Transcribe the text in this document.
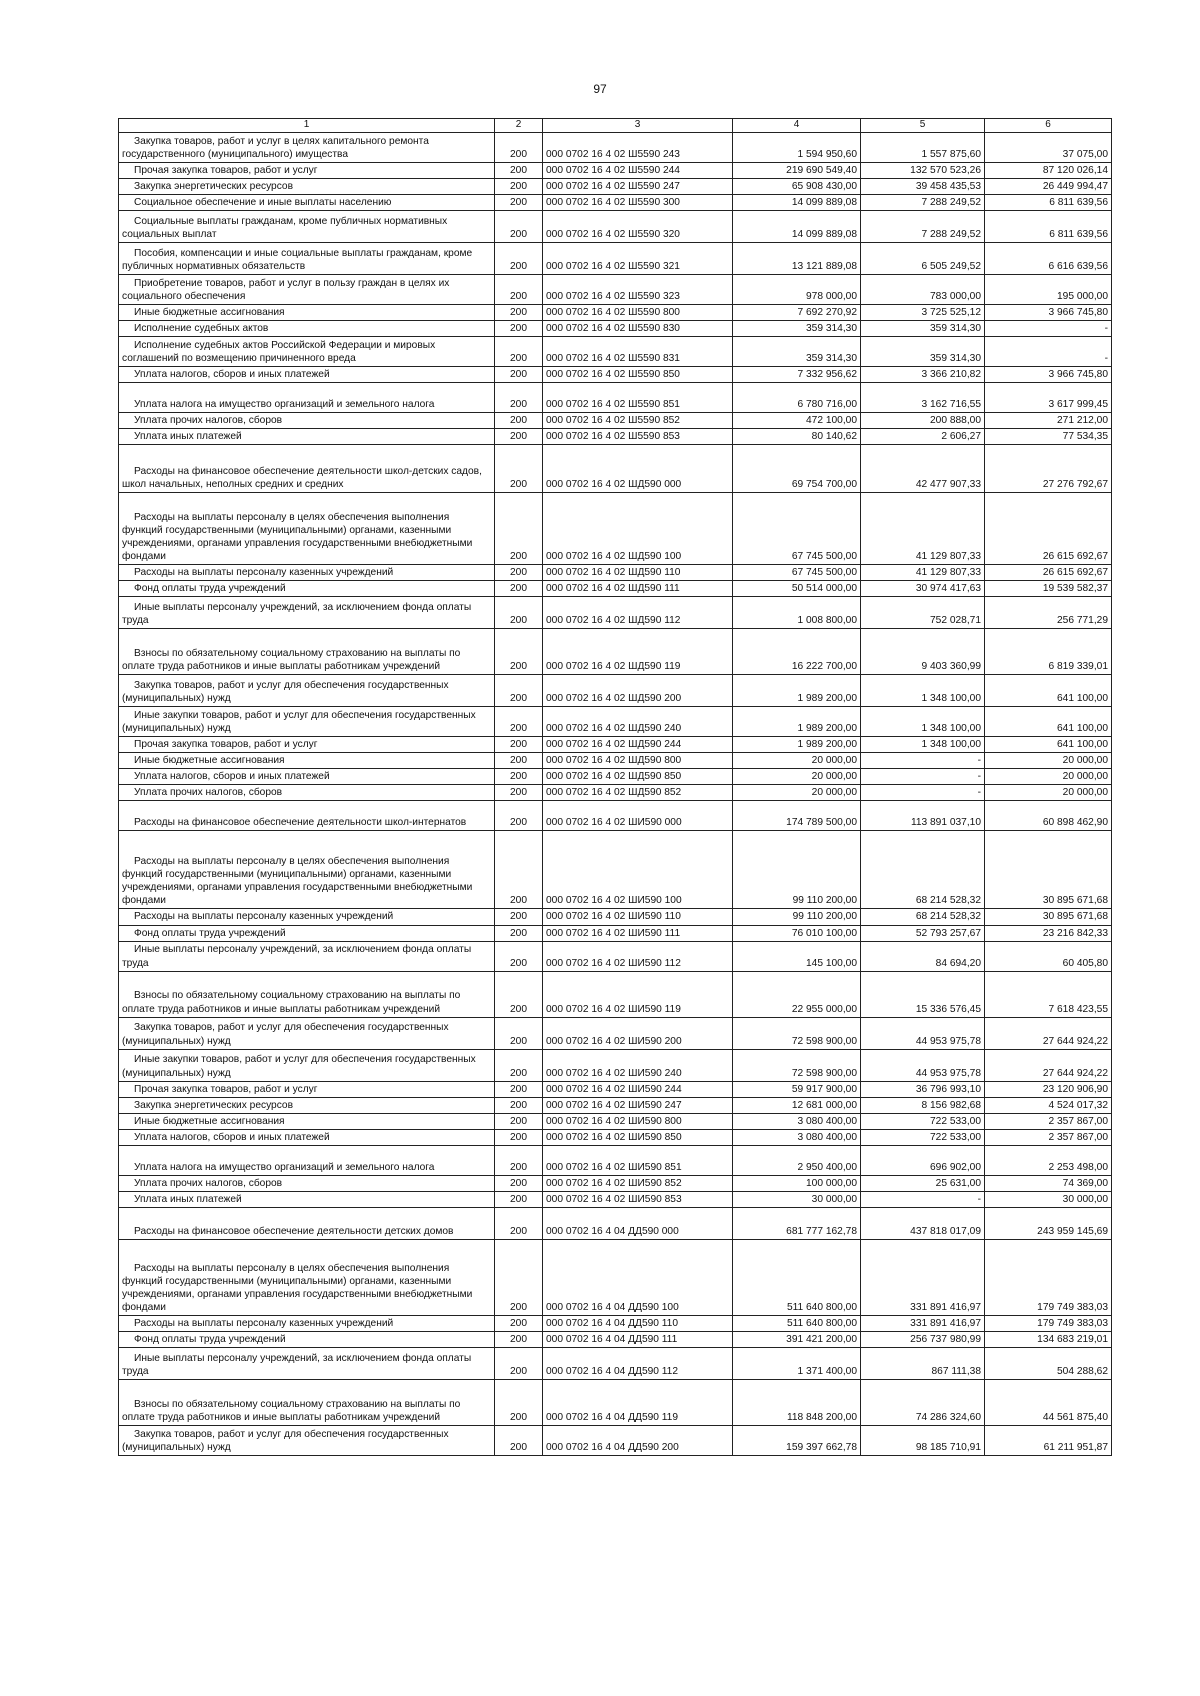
97
1	2	3	4	5	6

Закупка товаров, работ и услуг в целях капитального ремонта государственного (муниципального) имущества	200	000 0702 16 4 02 Ш5590 243	1 594 950,60	1 557 875,60	37 075,00

Прочая закупка товаров, работ и услуг	200	000 0702 16 4 02 Ш5590 244	219 690 549,40	132 570 523,26	87 120 026,14

Закупка энергетических ресурсов	200	000 0702 16 4 02 Ш5590 247	65 908 430,00	39 458 435,53	26 449 994,47

Социальное обеспечение и иные выплаты населению	200	000 0702 16 4 02 Ш5590 300	14 099 889,08	7 288 249,52	6 811 639,56

Социальные выплаты гражданам, кроме публичных нормативных социальных выплат	200	000 0702 16 4 02 Ш5590 320	14 099 889,08	7 288 249,52	6 811 639,56

Пособия, компенсации и иные социальные выплаты гражданам, кроме публичных нормативных обязательств	200	000 0702 16 4 02 Ш5590 321	13 121 889,08	6 505 249,52	6 616 639,56

Приобретение товаров, работ и услуг в пользу граждан в целях их социального обеспечения	200	000 0702 16 4 02 Ш5590 323	978 000,00	783 000,00	195 000,00

Иные бюджетные ассигнования	200	000 0702 16 4 02 Ш5590 800	7 692 270,92	3 725 525,12	3 966 745,80

Исполнение судебных актов	200	000 0702 16 4 02 Ш5590 830	359 314,30	359 314,30	-

Исполнение судебных актов Российской Федерации и мировых соглашений по возмещению причиненного вреда	200	000 0702 16 4 02 Ш5590 831	359 314,30	359 314,30	-

Уплата налогов, сборов и иных платежей	200	000 0702 16 4 02 Ш5590 850	7 332 956,62	3 366 210,82	3 966 745,80

Уплата налога на имущество организаций и земельного налога	200	000 0702 16 4 02 Ш5590 851	6 780 716,00	3 162 716,55	3 617 999,45

Уплата прочих налогов, сборов	200	000 0702 16 4 02 Ш5590 852	472 100,00	200 888,00	271 212,00

Уплата иных платежей	200	000 0702 16 4 02 Ш5590 853	80 140,62	2 606,27	77 534,35

Расходы на финансовое обеспечение деятельности школ-детских садов, школ начальных, неполных средних и средних	200	000 0702 16 4 02 ШД590 000	69 754 700,00	42 477 907,33	27 276 792,67

Расходы на выплаты персоналу в целях обеспечения выполнения функций государственными (муниципальными) органами, казенными учреждениями, органами управления государственными внебюджетными фондами	200	000 0702 16 4 02 ШД590 100	67 745 500,00	41 129 807,33	26 615 692,67

Расходы на выплаты персоналу казенных учреждений	200	000 0702 16 4 02 ШД590 110	67 745 500,00	41 129 807,33	26 615 692,67

Фонд оплаты труда учреждений	200	000 0702 16 4 02 ШД590 111	50 514 000,00	30 974 417,63	19 539 582,37

Иные выплаты персоналу учреждений, за исключением фонда оплаты труда	200	000 0702 16 4 02 ШД590 112	1 008 800,00	752 028,71	256 771,29

Взносы по обязательному социальному страхованию на выплаты по оплате труда работников и иные выплаты работникам учреждений	200	000 0702 16 4 02 ШД590 119	16 222 700,00	9 403 360,99	6 819 339,01

Закупка товаров, работ и услуг для обеспечения государственных (муниципальных) нужд	200	000 0702 16 4 02 ШД590 200	1 989 200,00	1 348 100,00	641 100,00

Иные закупки товаров, работ и услуг для обеспечения государственных (муниципальных) нужд	200	000 0702 16 4 02 ШД590 240	1 989 200,00	1 348 100,00	641 100,00

Прочая закупка товаров, работ и услуг	200	000 0702 16 4 02 ШД590 244	1 989 200,00	1 348 100,00	641 100,00

Иные бюджетные ассигнования	200	000 0702 16 4 02 ШД590 800	20 000,00	-	20 000,00

Уплата налогов, сборов и иных платежей	200	000 0702 16 4 02 ШД590 850	20 000,00	-	20 000,00

Уплата прочих налогов, сборов	200	000 0702 16 4 02 ШД590 852	20 000,00	-	20 000,00

Расходы на финансовое обеспечение деятельности школ-интернатов	200	000 0702 16 4 02 ШИ590 000	174 789 500,00	113 891 037,10	60 898 462,90

Расходы на выплаты персоналу в целях обеспечения выполнения функций государственными (муниципальными) органами, казенными учреждениями, органами управления государственными внебюджетными фондами	200	000 0702 16 4 02 ШИ590 100	99 110 200,00	68 214 528,32	30 895 671,68

Расходы на выплаты персоналу казенных учреждений	200	000 0702 16 4 02 ШИ590 110	99 110 200,00	68 214 528,32	30 895 671,68

Фонд оплаты труда учреждений	200	000 0702 16 4 02 ШИ590 111	76 010 100,00	52 793 257,67	23 216 842,33

Иные выплаты персоналу учреждений, за исключением фонда оплаты труда	200	000 0702 16 4 02 ШИ590 112	145 100,00	84 694,20	60 405,80

Взносы по обязательному социальному страхованию на выплаты по оплате труда работников и иные выплаты работникам учреждений	200	000 0702 16 4 02 ШИ590 119	22 955 000,00	15 336 576,45	7 618 423,55

Закупка товаров, работ и услуг для обеспечения государственных (муниципальных) нужд	200	000 0702 16 4 02 ШИ590 200	72 598 900,00	44 953 975,78	27 644 924,22

Иные закупки товаров, работ и услуг для обеспечения государственных (муниципальных) нужд	200	000 0702 16 4 02 ШИ590 240	72 598 900,00	44 953 975,78	27 644 924,22

Прочая закупка товаров, работ и услуг	200	000 0702 16 4 02 ШИ590 244	59 917 900,00	36 796 993,10	23 120 906,90

Закупка энергетических ресурсов	200	000 0702 16 4 02 ШИ590 247	12 681 000,00	8 156 982,68	4 524 017,32

Иные бюджетные ассигнования	200	000 0702 16 4 02 ШИ590 800	3 080 400,00	722 533,00	2 357 867,00

Уплата налогов, сборов и иных платежей	200	000 0702 16 4 02 ШИ590 850	3 080 400,00	722 533,00	2 357 867,00

Уплата налога на имущество организаций и земельного налога	200	000 0702 16 4 02 ШИ590 851	2 950 400,00	696 902,00	2 253 498,00

Уплата прочих налогов, сборов	200	000 0702 16 4 02 ШИ590 852	100 000,00	25 631,00	74 369,00

Уплата иных платежей	200	000 0702 16 4 02 ШИ590 853	30 000,00	-	30 000,00

Расходы на финансовое обеспечение деятельности детских домов	200	000 0702 16 4 04 ДД590 000	681 777 162,78	437 818 017,09	243 959 145,69

Расходы на выплаты персоналу в целях обеспечения выполнения функций государственными (муниципальными) органами, казенными учреждениями, органами управления государственными внебюджетными фондами	200	000 0702 16 4 04 ДД590 100	511 640 800,00	331 891 416,97	179 749 383,03

Расходы на выплаты персоналу казенных учреждений	200	000 0702 16 4 04 ДД590 110	511 640 800,00	331 891 416,97	179 749 383,03

Фонд оплаты труда учреждений	200	000 0702 16 4 04 ДД590 111	391 421 200,00	256 737 980,99	134 683 219,01

Иные выплаты персоналу учреждений, за исключением фонда оплаты труда	200	000 0702 16 4 04 ДД590 112	1 371 400,00	867 111,38	504 288,62

Взносы по обязательному социальному страхованию на выплаты по оплате труда работников и иные выплаты работникам учреждений	200	000 0702 16 4 04 ДД590 119	118 848 200,00	74 286 324,60	44 561 875,40

Закупка товаров, работ и услуг для обеспечения государственных (муниципальных) нужд	200	000 0702 16 4 04 ДД590 200	159 397 662,78	98 185 710,91	61 211 951,87
